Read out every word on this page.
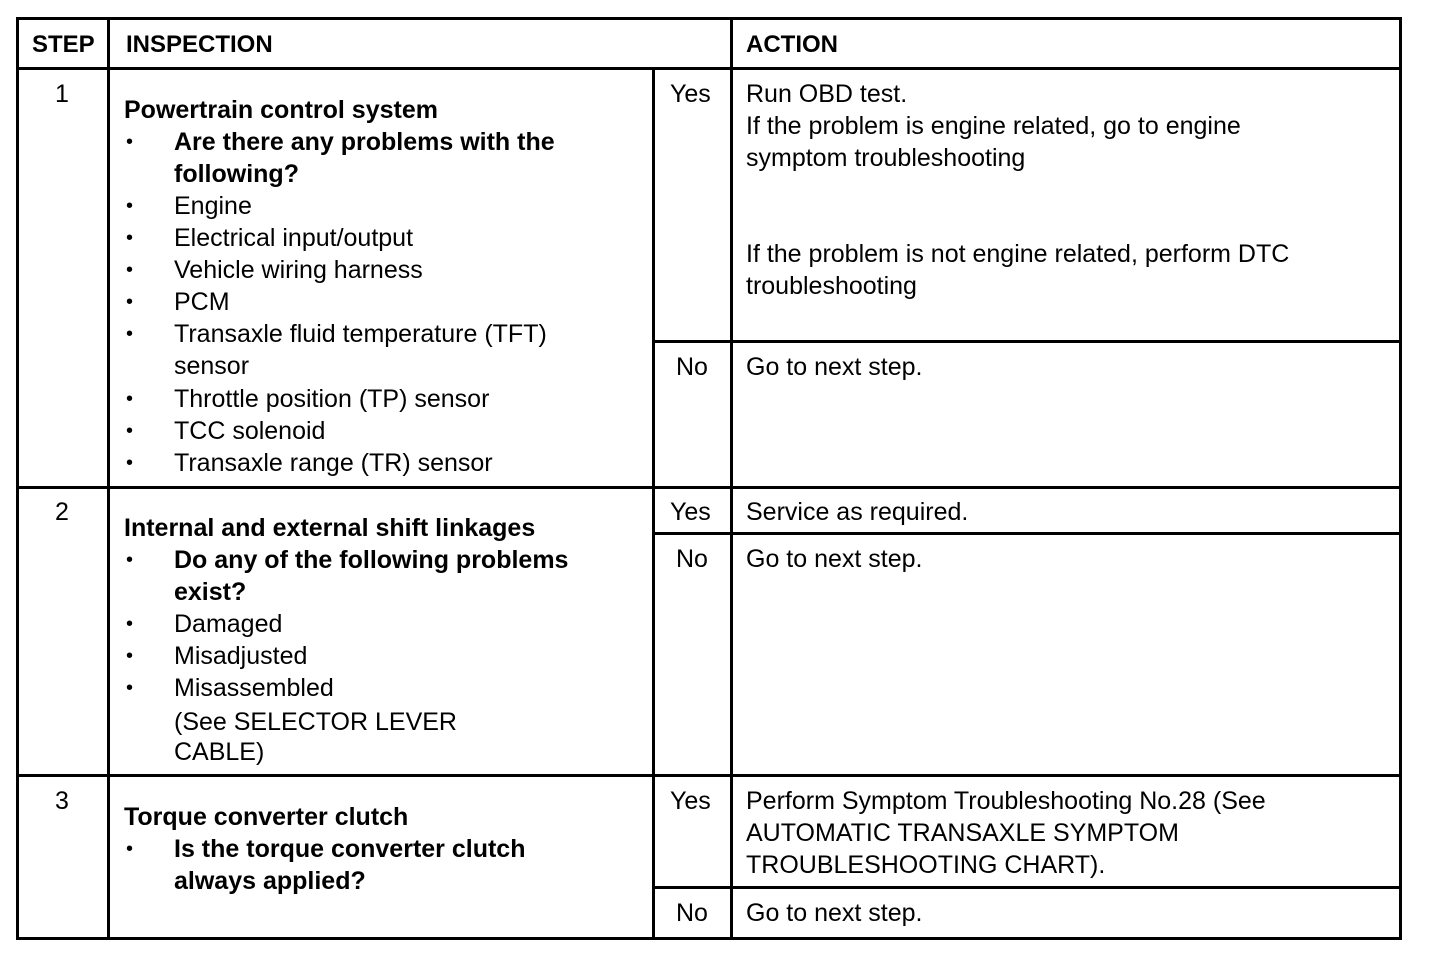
STEP INSPECTION	ACTION
1
Powertrain control system
• Are there any problems with the
following?
• Engine
• Electrical input/output
• Vehicle wiring harness
• PCM
• Transaxle fluid temperature (TFT)
sensor
• Throttle position (TP) sensor
• TCC solenoid
• Transaxle range (TR) sensor
Yes
No
Run OBD test.
If the problem is engine related, go to engine
symptom troubleshooting
If the problem is not engine related, perform DTC
troubleshooting
Go to next step.
2
Internal and external shift linkages
• Do any of the following problems
exist?
• Damaged
• Misadjusted
• Misassembled
(See SELECTOR LEVER
CABLE)
Yes
No
Service as required.
Go to next step.
3
Torque converter clutch
• Is the torque converter clutch
always applied?
Yes
No
Perform Symptom Troubleshooting No.28 (See
AUTOMATIC TRANSAXLE SYMPTOM
TROUBLESHOOTING CHART).
Go to next step.
